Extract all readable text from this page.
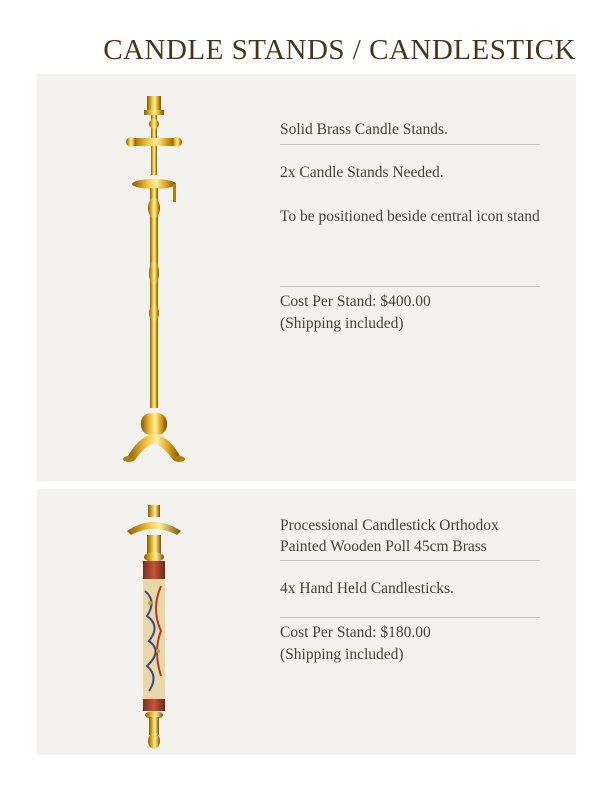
CANDLE STANDS / CANDLESTICK
Solid Brass Candle Stands.
2x Candle Stands Needed.
To be positioned beside central icon stand
Cost Per Stand: $400.00
(Shipping included)
Processional Candlestick Orthodox Painted Wooden Poll 45cm Brass
4x Hand Held Candlesticks.
Cost Per Stand: $180.00
(Shipping included)
